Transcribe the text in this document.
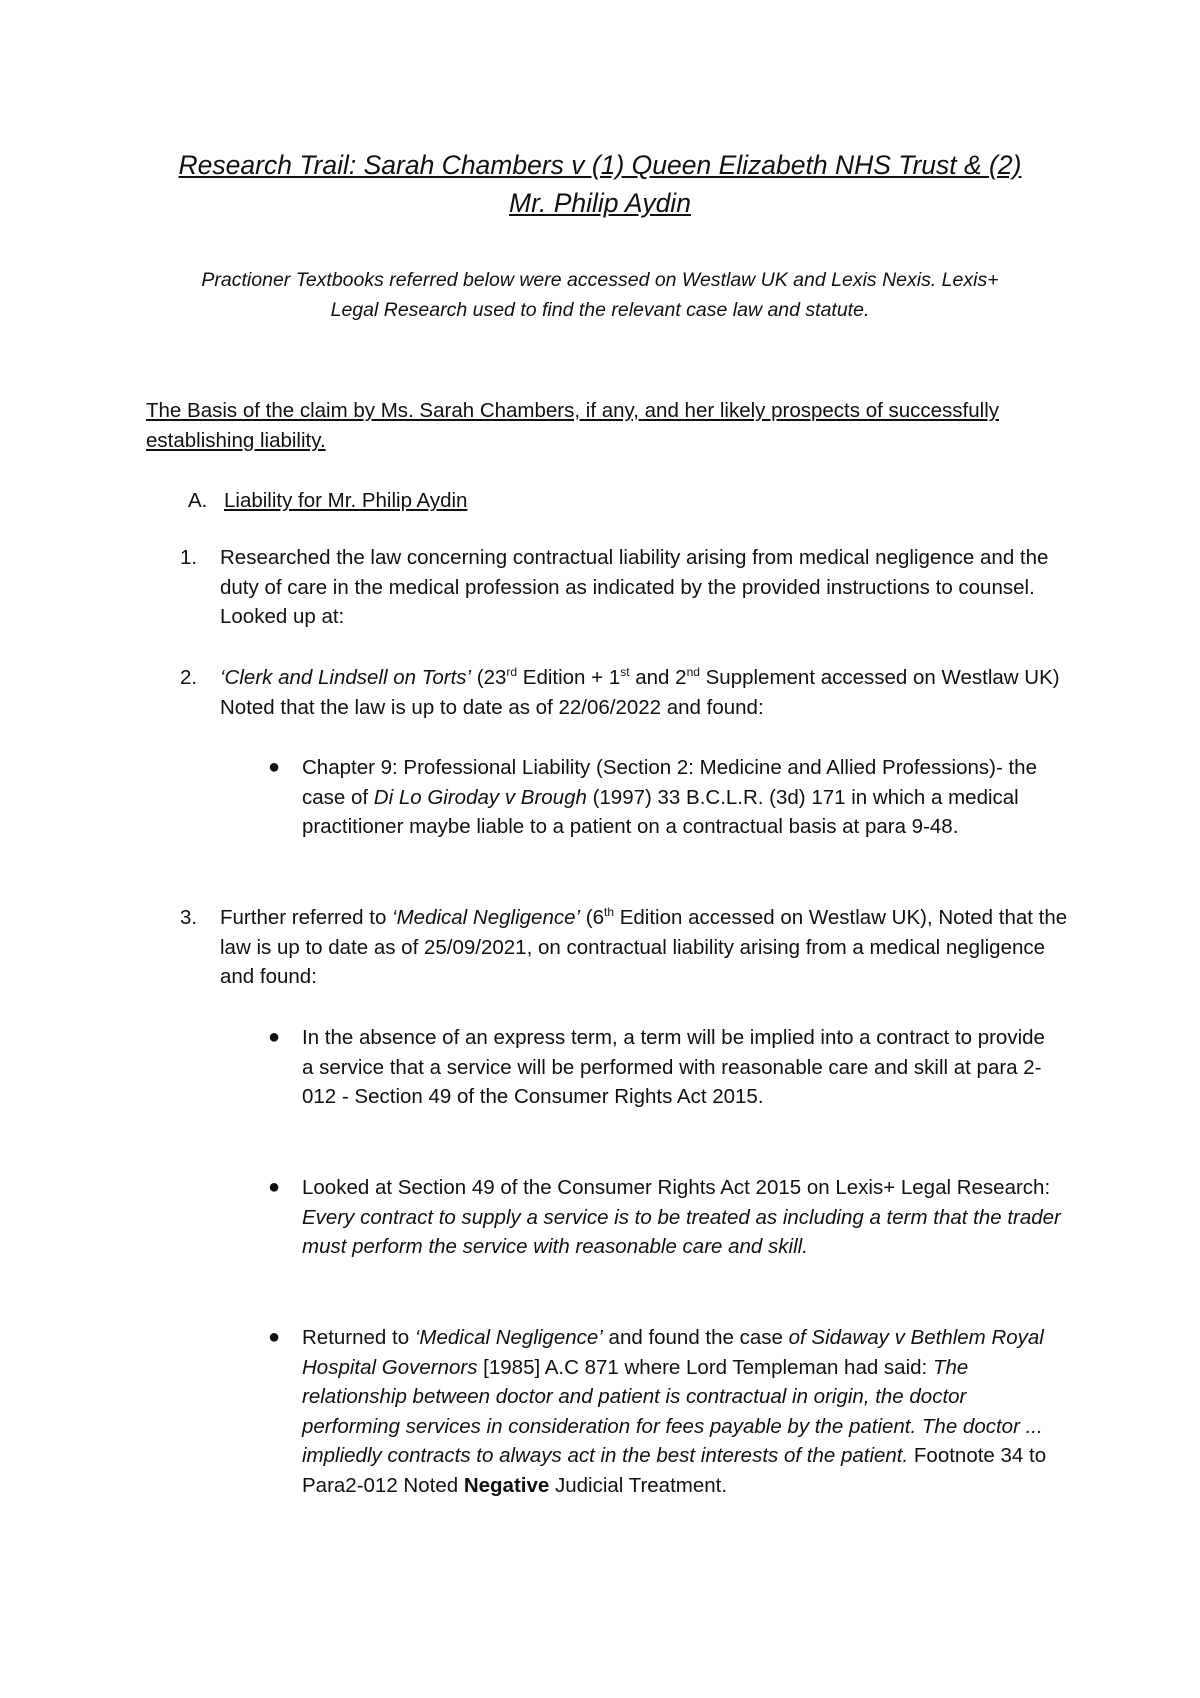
Research Trail: Sarah Chambers v (1) Queen Elizabeth NHS Trust & (2)
Mr. Philip Aydin
Practioner Textbooks referred below were accessed on Westlaw UK and Lexis Nexis. Lexis+
Legal Research used to find the relevant case law and statute.
The Basis of the claim by Ms. Sarah Chambers, if any, and her likely prospects of successfully establishing liability.
A. Liability for Mr. Philip Aydin
1. Researched the law concerning contractual liability arising from medical negligence and the duty of care in the medical profession as indicated by the provided instructions to counsel. Looked up at:
2. ‘Clerk and Lindsell on Torts’ (23rd Edition + 1st and 2nd Supplement accessed on Westlaw UK) Noted that the law is up to date as of 22/06/2022 and found:
● Chapter 9: Professional Liability (Section 2: Medicine and Allied Professions)- the case of Di Lo Giroday v Brough (1997) 33 B.C.L.R. (3d) 171 in which a medical practitioner maybe liable to a patient on a contractual basis at para 9-48.
3. Further referred to ‘Medical Negligence’ (6th Edition accessed on Westlaw UK), Noted that the law is up to date as of 25/09/2021, on contractual liability arising from a medical negligence and found:
● In the absence of an express term, a term will be implied into a contract to provide a service that a service will be performed with reasonable care and skill at para 2-012 - Section 49 of the Consumer Rights Act 2015.
● Looked at Section 49 of the Consumer Rights Act 2015 on Lexis+ Legal Research: Every contract to supply a service is to be treated as including a term that the trader must perform the service with reasonable care and skill.
● Returned to ‘Medical Negligence’ and found the case of Sidaway v Bethlem Royal Hospital Governors [1985] A.C 871 where Lord Templeman had said: The relationship between doctor and patient is contractual in origin, the doctor performing services in consideration for fees payable by the patient. The doctor ... impliedly contracts to always act in the best interests of the patient. Footnote 34 to Para2-012 Noted Negative Judicial Treatment.
